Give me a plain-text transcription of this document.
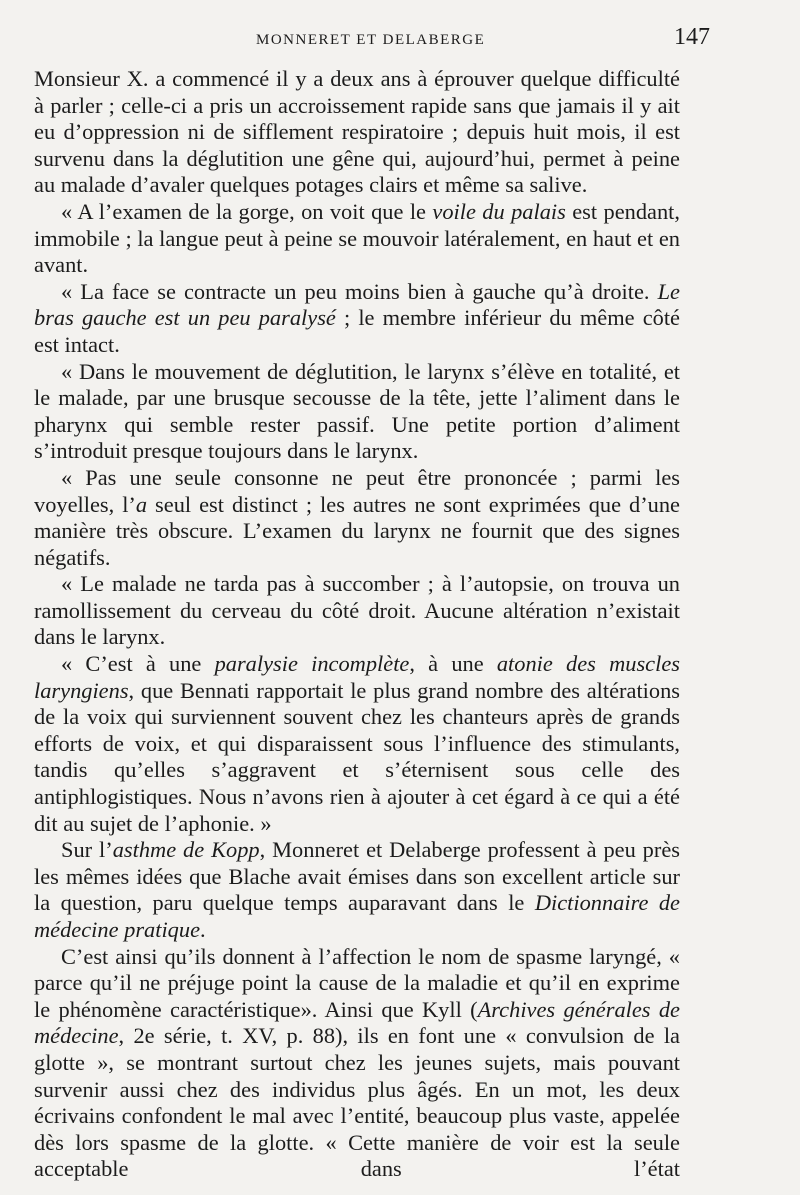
MONNERET ET DELABERGE	147

Monsieur X. a commencé il y a deux ans à éprouver quelque difficulté à parler ; celle-ci a pris un accroissement rapide sans que jamais il y ait eu d’oppression ni de sifflement respiratoire ; depuis huit mois, il est survenu dans la déglutition une gêne qui, aujourd’hui, permet à peine au malade d’avaler quelques potages clairs et même sa salive.

« A l’examen de la gorge, on voit que le voile du palais est pendant, immobile ; la langue peut à peine se mouvoir latéralement, en haut et en avant.

« La face se contracte un peu moins bien à gauche qu’à droite. Le bras gauche est un peu paralysé ; le membre inférieur du même côté est intact.

« Dans le mouvement de déglutition, le larynx s’élève en totalité, et le malade, par une brusque secousse de la tête, jette l’aliment dans le pharynx qui semble rester passif. Une petite portion d’aliment s’introduit presque toujours dans le larynx.

« Pas une seule consonne ne peut être prononcée ; parmi les voyelles, l’a seul est distinct ; les autres ne sont exprimées que d’une manière très obscure. L’examen du larynx ne fournit que des signes négatifs.

« Le malade ne tarda pas à succomber ; à l’autopsie, on trouva un ramollissement du cerveau du côté droit. Aucune altération n’existait dans le larynx.

« C’est à une paralysie incomplète, à une atonie des muscles laryngiens, que Bennati rapportait le plus grand nombre des altérations de la voix qui surviennent souvent chez les chanteurs après de grands efforts de voix, et qui disparaissent sous l’influence des stimulants, tandis qu’elles s’aggravent et s’éternisent sous celle des antiphlogistiques. Nous n’avons rien à ajouter à cet égard à ce qui a été dit au sujet de l’aphonie. »

Sur l’asthme de Kopp, Monneret et Delaberge professent à peu près les mêmes idées que Blache avait émises dans son excellent article sur la question, paru quelque temps auparavant dans le Dictionnaire de médecine pratique.

C’est ainsi qu’ils donnent à l’affection le nom de spasme laryngé, « parce qu’il ne préjuge point la cause de la maladie et qu’il en exprime le phénomène caractéristique». Ainsi que Kyll (Archives générales de médecine, 2e série, t. XV, p. 88), ils en font une « convulsion de la glotte », se montrant surtout chez les jeunes sujets, mais pouvant survenir aussi chez des individus plus âgés. En un mot, les deux écrivains confondent le mal avec l’entité, beaucoup plus vaste, appelée dès lors spasme de la glotte. « Cette manière de voir est la seule acceptable dans l’état
